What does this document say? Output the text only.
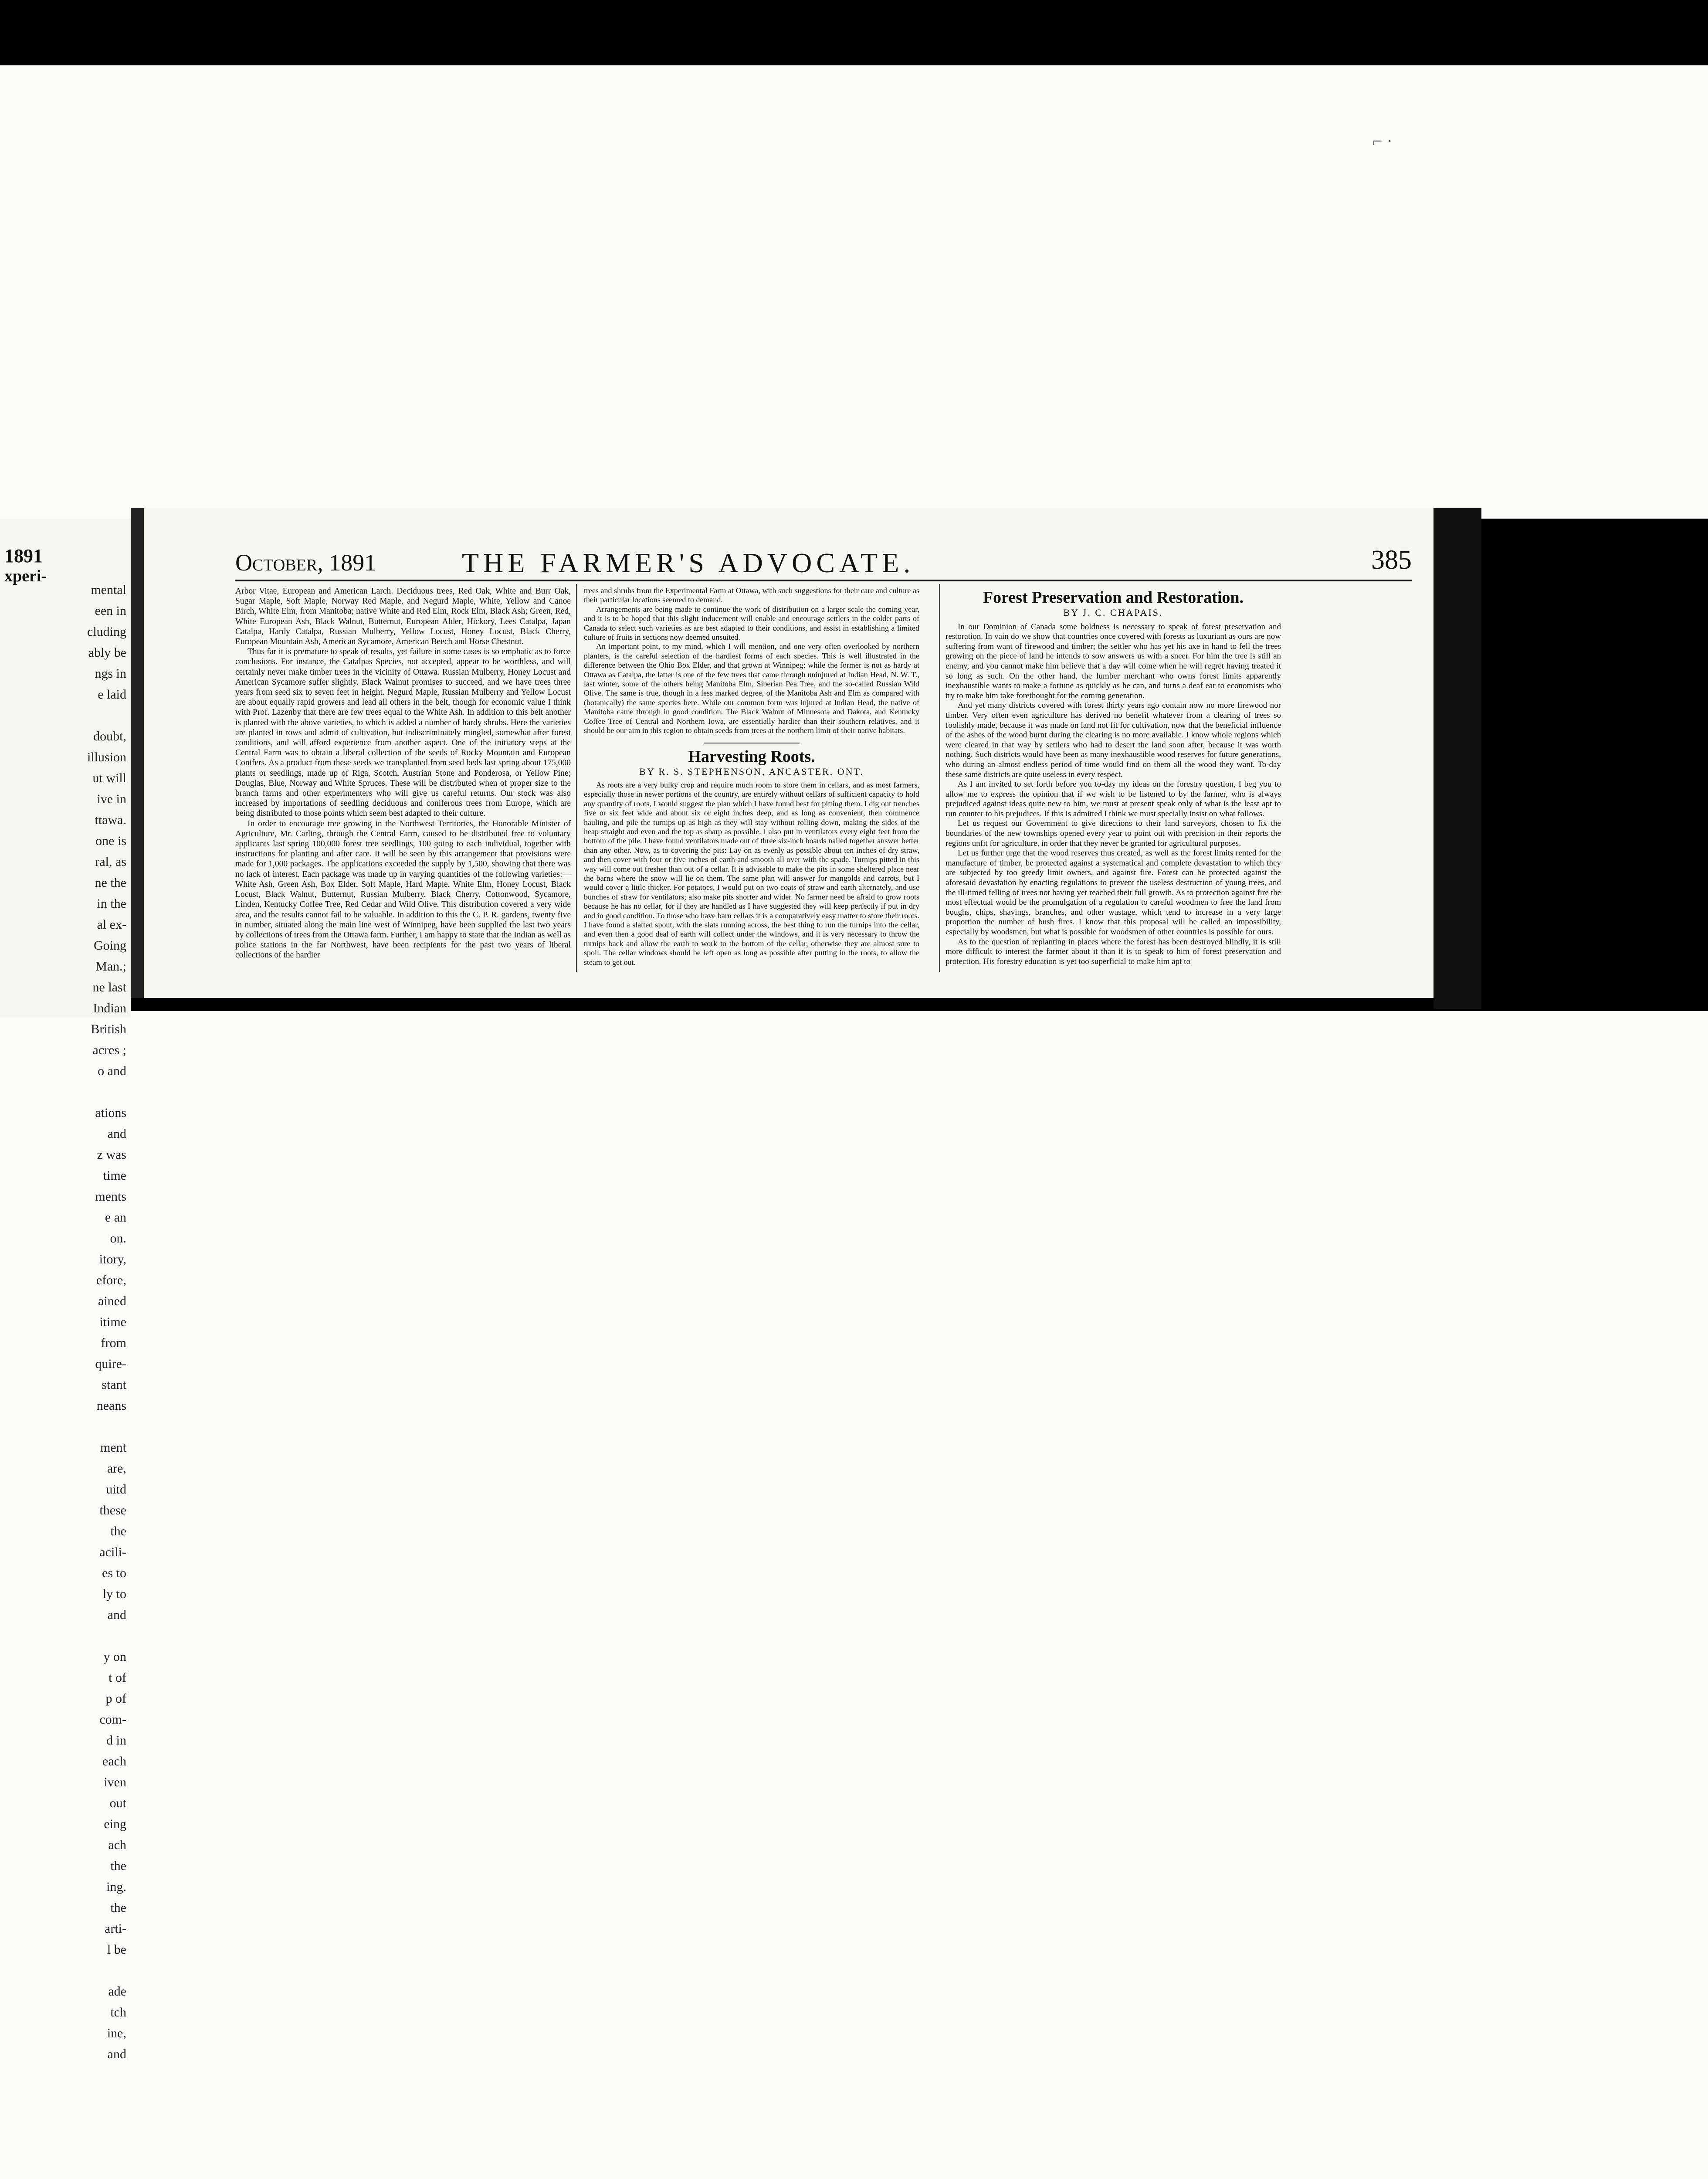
⌐ ·
1891
xperi-
mental
een in
cluding
ably be
ngs in
e laid

doubt,
illusion
ut will
ive in
ttawa.
one is
ral, as
ne the
in the
al ex-
Going
Man.;
ne last
Indian
British
acres ;
o and

ations
and
z was
time
ments
e an
on.
itory,
efore,
ained
itime
from
quire-
stant
neans

ment
are,
uitd
these
the
acili-
es to
ly to
and

y on
t of
p of
com-
d in
each
iven
out
eing
ach
the
ing.
the
arti-
l be

ade
tch
ine,
and
October, 1891	THE FARMER'S ADVOCATE.	385

Arbor Vitae, European and American Larch. Deciduous trees, Red Oak, White and Burr Oak, Sugar Maple, Soft Maple, Norway Red Maple, and Negurd Maple, White, Yellow and Canoe Birch, White Elm, from Manitoba; native White and Red Elm, Rock Elm, Black Ash; Green, Red, White European Ash, Black Walnut, Butternut, European Alder, Hickory, Lees Catalpa, Japan Catalpa, Hardy Catalpa, Russian Mulberry, Yellow Locust, Honey Locust, Black Cherry, European Mountain Ash, American Sycamore, American Beech and Horse Chestnut.

Thus far it is premature to speak of results, yet failure in some cases is so emphatic as to force conclusions. For instance, the Catalpas Species, not accepted, appear to be worthless, and will certainly never make timber trees in the vicinity of Ottawa. Russian Mulberry, Honey Locust and American Sycamore suffer slightly. Black Walnut promises to succeed, and we have trees three years from seed six to seven feet in height. Negurd Maple, Russian Mulberry and Yellow Locust are about equally rapid growers and lead all others in the belt, though for economic value I think with Prof. Lazenby that there are few trees equal to the White Ash. In addition to this belt another is planted with the above varieties, to which is added a number of hardy shrubs. Here the varieties are planted in rows and admit of cultivation, but indiscriminately mingled, somewhat after forest conditions, and will afford experience from another aspect. One of the initiatory steps at the Central Farm was to obtain a liberal collection of the seeds of Rocky Mountain and European Conifers. As a product from these seeds we transplanted from seed beds last spring about 175,000 plants or seedlings, made up of Riga, Scotch, Austrian Stone and Ponderosa, or Yellow Pine; Douglas, Blue, Norway and White Spruces. These will be distributed when of proper size to the branch farms and other experimenters who will give us careful returns. Our stock was also increased by importations of seedling deciduous and coniferous trees from Europe, which are being distributed to those points which seem best adapted to their culture.

In order to encourage tree growing in the Northwest Territories, the Honorable Minister of Agriculture, Mr. Carling, through the Central Farm, caused to be distributed free to voluntary applicants last spring 100,000 forest tree seedlings, 100 going to each individual, together with instructions for planting and after care. It will be seen by this arrangement that provisions were made for 1,000 packages. The applications exceeded the supply by 1,500, showing that there was no lack of interest. Each package was made up in varying quantities of the following varieties:—White Ash, Green Ash, Box Elder, Soft Maple, Hard Maple, White Elm, Honey Locust, Black Locust, Black Walnut, Butternut, Russian Mulberry, Black Cherry, Cottonwood, Sycamore, Linden, Kentucky Coffee Tree, Red Cedar and Wild Olive. This distribution covered a very wide area, and the results cannot fail to be valuable. In addition to this the C. P. R. gardens, twenty five in number, situated along the main line west of Winnipeg, have been supplied the last two years by collections of trees from the Ottawa farm. Further, I am happy to state that the Indian as well as police stations in the far Northwest, have been recipients for the past two years of liberal collections of the hardier

trees and shrubs from the Experimental Farm at Ottawa, with such suggestions for their care and culture as their particular locations seemed to demand.

Arrangements are being made to continue the work of distribution on a larger scale the coming year, and it is to be hoped that this slight inducement will enable and encourage settlers in the colder parts of Canada to select such varieties as are best adapted to their conditions, and assist in establishing a limited culture of fruits in sections now deemed unsuited.

An important point, to my mind, which I will mention, and one very often overlooked by northern planters, is the careful selection of the hardiest forms of each species. This is well illustrated in the difference between the Ohio Box Elder, and that grown at Winnipeg; while the former is not as hardy at Ottawa as Catalpa, the latter is one of the few trees that came through uninjured at Indian Head, N. W. T., last winter, some of the others being Manitoba Elm, Siberian Pea Tree, and the so-called Russian Wild Olive. The same is true, though in a less marked degree, of the Manitoba Ash and Elm as compared with (botanically) the same species here. While our common form was injured at Indian Head, the native of Manitoba came through in good condition. The Black Walnut of Minnesota and Dakota, and Kentucky Coffee Tree of Central and Northern Iowa, are essentially hardier than their southern relatives, and it should be our aim in this region to obtain seeds from trees at the northern limit of their native habitats.

Harvesting Roots.
BY R. S. STEPHENSON, ANCASTER, ONT.

As roots are a very bulky crop and require much room to store them in cellars, and as most farmers, especially those in newer portions of the country, are entirely without cellars of sufficient capacity to hold any quantity of roots, I would suggest the plan which I have found best for pitting them. I dig out trenches five or six feet wide and about six or eight inches deep, and as long as convenient, then commence hauling, and pile the turnips up as high as they will stay without rolling down, making the sides of the heap straight and even and the top as sharp as possible. I also put in ventilators every eight feet from the bottom of the pile. I have found ventilators made out of three six-inch boards nailed together answer better than any other. Now, as to covering the pits: Lay on as evenly as possible about ten inches of dry straw, and then cover with four or five inches of earth and smooth all over with the spade. Turnips pitted in this way will come out fresher than out of a cellar. It is advisable to make the pits in some sheltered place near the barns where the snow will lie on them. The same plan will answer for mangolds and carrots, but I would cover a little thicker. For potatoes, I would put on two coats of straw and earth alternately, and use bunches of straw for ventilators; also make pits shorter and wider. No farmer need be afraid to grow roots because he has no cellar, for if they are handled as I have suggested they will keep perfectly if put in dry and in good condition. To those who have barn cellars it is a comparatively easy matter to store their roots. I have found a slatted spout, with the slats running across, the best thing to run the turnips into the cellar, and even then a good deal of earth will collect under the windows, and it is very necessary to throw the turnips back and allow the earth to work to the bottom of the cellar, otherwise they are almost sure to spoil. The cellar windows should be left open as long as possible after putting in the roots, to allow the steam to get out.

Forest Preservation and Restoration.
BY J. C. CHAPAIS.

In our Dominion of Canada some boldness is necessary to speak of forest preservation and restoration. In vain do we show that countries once covered with forests as luxuriant as ours are now suffering from want of firewood and timber; the settler who has yet his axe in hand to fell the trees growing on the piece of land he intends to sow answers us with a sneer. For him the tree is still an enemy, and you cannot make him believe that a day will come when he will regret having treated it so long as such. On the other hand, the lumber merchant who owns forest limits apparently inexhaustible wants to make a fortune as quickly as he can, and turns a deaf ear to economists who try to make him take forethought for the coming generation.

And yet many districts covered with forest thirty years ago contain now no more firewood nor timber. Very often even agriculture has derived no benefit whatever from a clearing of trees so foolishly made, because it was made on land not fit for cultivation, now that the beneficial influence of the ashes of the wood burnt during the clearing is no more available. I know whole regions which were cleared in that way by settlers who had to desert the land soon after, because it was worth nothing. Such districts would have been as many inexhaustible wood reserves for future generations, who during an almost endless period of time would find on them all the wood they want. To-day these same districts are quite useless in every respect.

As I am invited to set forth before you to-day my ideas on the forestry question, I beg you to allow me to express the opinion that if we wish to be listened to by the farmer, who is always prejudiced against ideas quite new to him, we must at present speak only of what is the least apt to run counter to his prejudices. If this is admitted I think we must specially insist on what follows.

Let us request our Government to give directions to their land surveyors, chosen to fix the boundaries of the new townships opened every year to point out with precision in their reports the regions unfit for agriculture, in order that they never be granted for agricultural purposes.

Let us further urge that the wood reserves thus created, as well as the forest limits rented for the manufacture of timber, be protected against a systematical and complete devastation to which they are subjected by too greedy limit owners, and against fire. Forest can be protected against the aforesaid devastation by enacting regulations to prevent the useless destruction of young trees, and the ill-timed felling of trees not having yet reached their full growth. As to protection against fire the most effectual would be the promulgation of a regulation to careful woodmen to free the land from boughs, chips, shavings, branches, and other wastage, which tend to increase in a very large proportion the number of bush fires. I know that this proposal will be called an impossibility, especially by woodsmen, but what is possible for woodsmen of other countries is possible for ours.

As to the question of replanting in places where the forest has been destroyed blindly, it is still more difficult to interest the farmer about it than it is to speak to him of forest preservation and protection. His forestry education is yet too superficial to make him apt to
